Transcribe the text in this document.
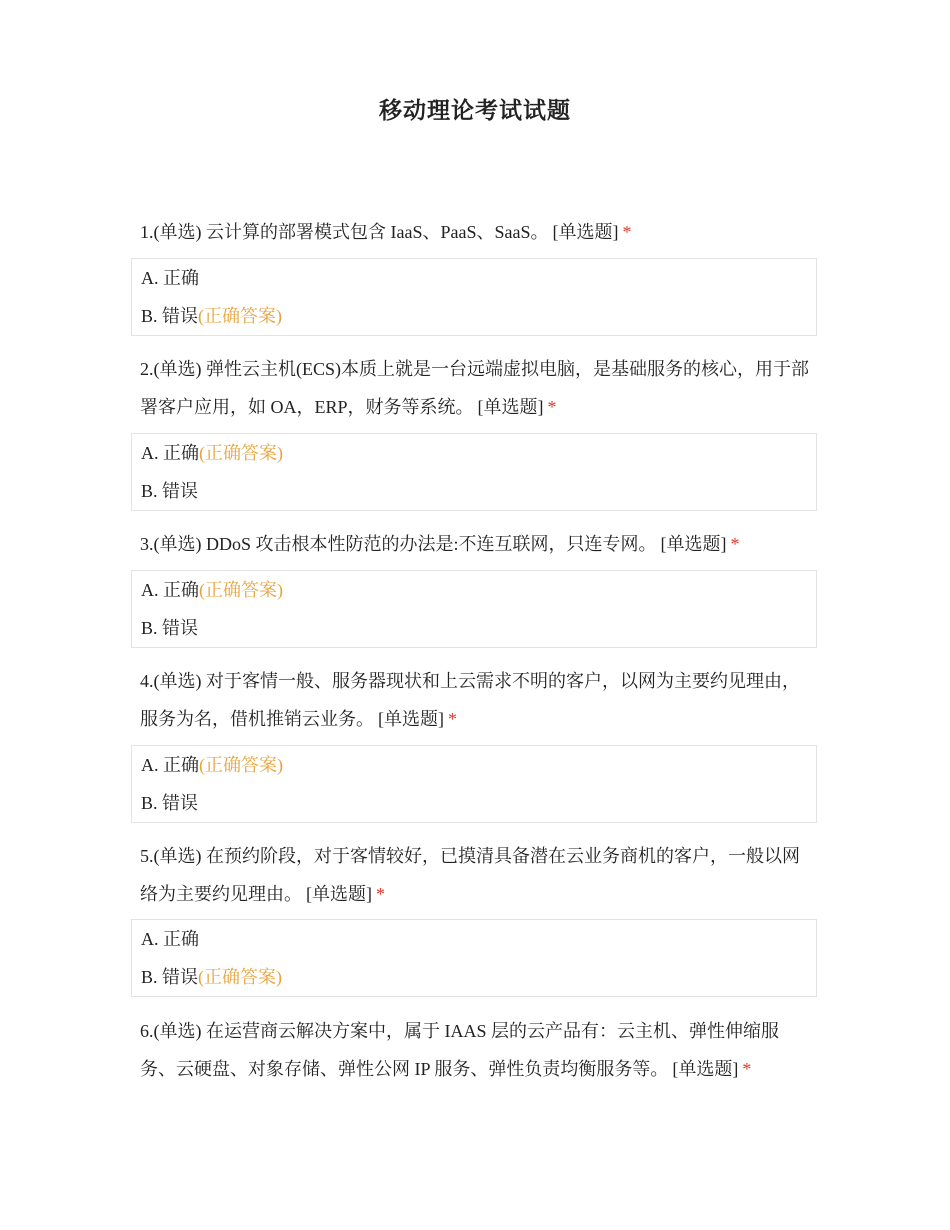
移动理论考试试题
1.(单选) 云计算的部署模式包含 IaaS、PaaS、SaaS。 [单选题] *
A. 正确
B. 错误(正确答案)
2.(单选) 弹性云主机(ECS)本质上就是一台远端虚拟电脑，是基础服务的核心，用于部署客户应用，如 OA，ERP，财务等系统。 [单选题] *
A. 正确(正确答案)
B. 错误
3.(单选) DDoS 攻击根本性防范的办法是:不连互联网，只连专网。 [单选题] *
A. 正确(正确答案)
B. 错误
4.(单选) 对于客情一般、服务器现状和上云需求不明的客户，以网为主要约见理由，服务为名，借机推销云业务。 [单选题] *
A. 正确(正确答案)
B. 错误
5.(单选) 在预约阶段，对于客情较好，已摸清具备潜在云业务商机的客户，一般以网络为主要约见理由。 [单选题] *
A. 正确
B. 错误(正确答案)
6.(单选) 在运营商云解决方案中，属于 IAAS 层的云产品有：云主机、弹性伸缩服务、云硬盘、对象存储、弹性公网 IP 服务、弹性负责均衡服务等。 [单选题] *
